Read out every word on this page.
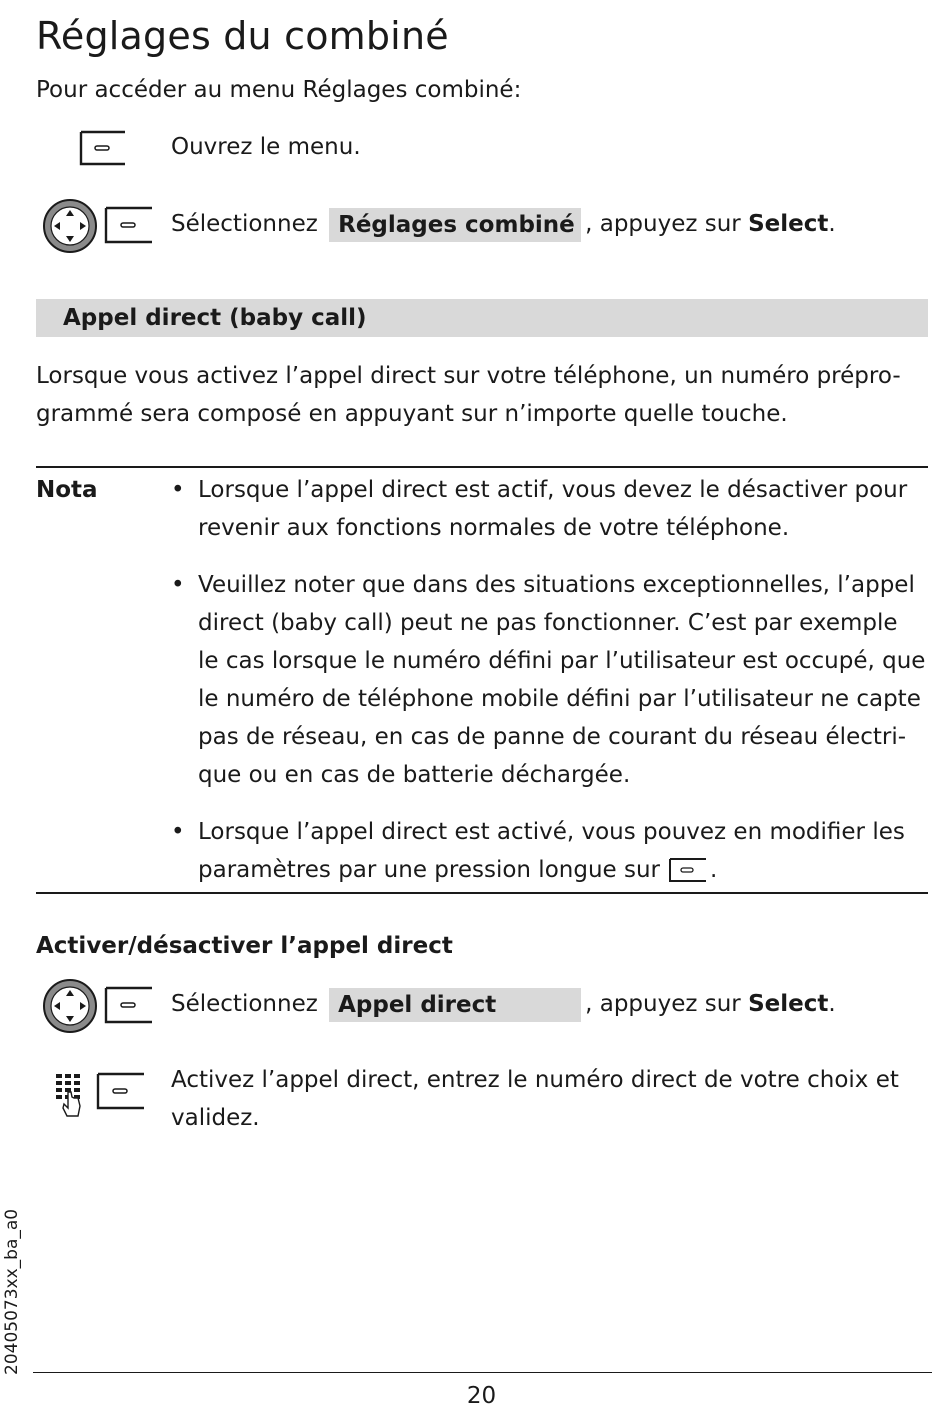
Réglages du combiné
Pour accéder au menu Réglages combiné:
Ouvrez le menu.
Sélectionnez Réglages combiné , appuyez sur Select.
Appel direct (baby call)
Lorsque vous activez l’appel direct sur votre téléphone, un numéro prépro-
grammé sera composé en appuyant sur n’importe quelle touche.
Nota	• Lorsque l’appel direct est actif, vous devez le désactiver pour
revenir aux fonctions normales de votre téléphone.
• Veuillez noter que dans des situations exceptionnelles, l’appel
direct (baby call) peut ne pas fonctionner. C’est par exemple
le cas lorsque le numéro défini par l’utilisateur est occupé, que
le numéro de téléphone mobile défini par l’utilisateur ne capte
pas de réseau, en cas de panne de courant du réseau électri-
que ou en cas de batterie déchargée.
• Lorsque l’appel direct est activé, vous pouvez en modifier les
paramètres par une pression longue sur .
Activer/désactiver l’appel direct
Sélectionnez Appel direct	, appuyez sur Select.
Activez l’appel direct, entrez le numéro direct de votre choix et
validez.
20405073xx_ba_a0
20
